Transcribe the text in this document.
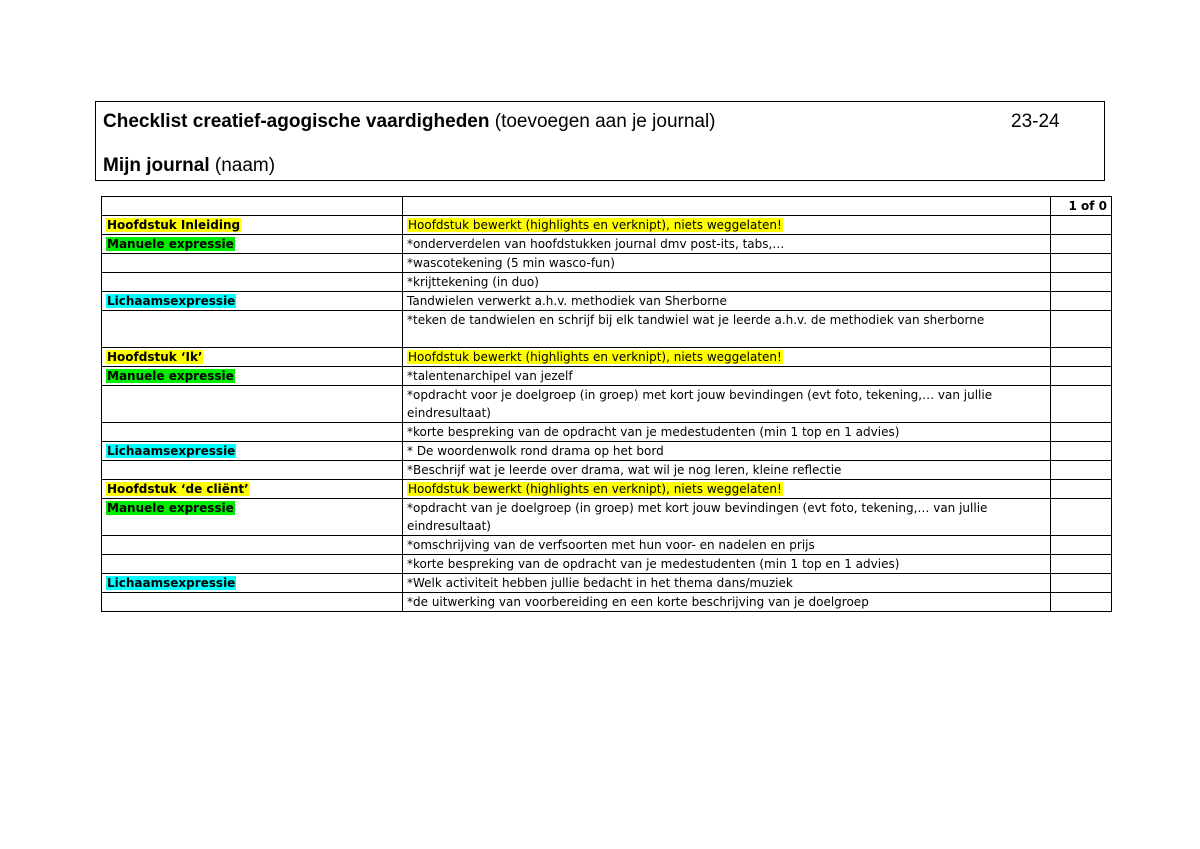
Checklist creatief-agogische vaardigheden (toevoegen aan je journal)	23-24
Mijn journal (naam)
		1 of 0
Hoofdstuk Inleiding	Hoofdstuk bewerkt (highlights en verknipt), niets weggelaten!	
Manuele expressie	*onderverdelen van hoofdstukken journal dmv post-its, tabs,…	
	*wascotekening (5 min wasco-fun)	
	*krijttekening (in duo)	
Lichaamsexpressie	Tandwielen verwerkt a.h.v. methodiek van Sherborne	
	*teken de tandwielen en schrijf bij elk tandwiel wat je leerde a.h.v. de methodiek van sherborne	
Hoofdstuk ‘Ik’	Hoofdstuk bewerkt (highlights en verknipt), niets weggelaten!	
Manuele expressie	*talentenarchipel van jezelf	
	*opdracht voor je doelgroep (in groep) met kort jouw bevindingen (evt foto, tekening,… van jullie eindresultaat)	
	*korte bespreking van de opdracht van je medestudenten (min 1 top en 1 advies)	
Lichaamsexpressie	* De woordenwolk rond drama op het bord	
	*Beschrijf wat je leerde over drama, wat wil je nog leren, kleine reflectie	
Hoofdstuk ‘de cliënt’	Hoofdstuk bewerkt (highlights en verknipt), niets weggelaten!	
Manuele expressie	*opdracht van je doelgroep (in groep) met kort jouw bevindingen (evt foto, tekening,… van jullie eindresultaat)	
	*omschrijving van de verfsoorten met hun voor- en nadelen en prijs	
	*korte bespreking van de opdracht van je medestudenten (min 1 top en 1 advies)	
Lichaamsexpressie	*Welk activiteit hebben jullie bedacht in het thema dans/muziek	
	*de uitwerking van voorbereiding en een korte beschrijving van je doelgroep	
